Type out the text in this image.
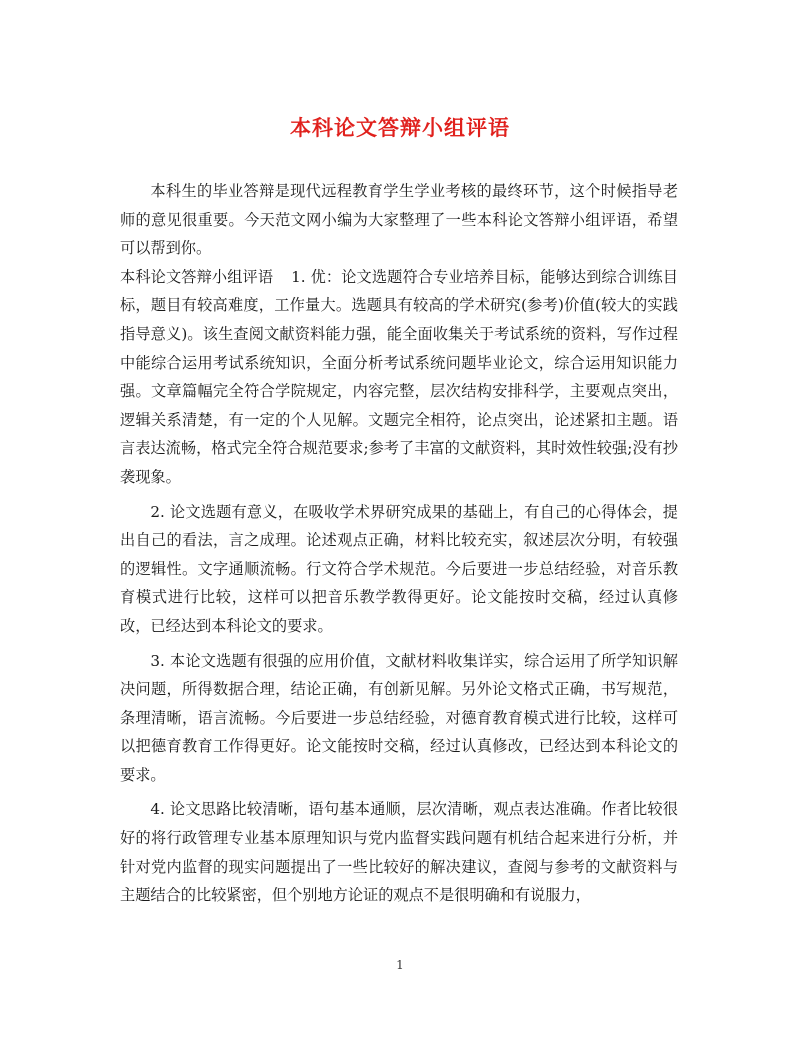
本科论文答辩小组评语

本科生的毕业答辩是现代远程教育学生学业考核的最终环节，这个时候指导老师的意见很重要。今天范文网小编为大家整理了一些本科论文答辩小组评语，希望可以帮到你。

本科论文答辩小组评语 1. 优：论文选题符合专业培养目标，能够达到综合训练目标，题目有较高难度，工作量大。选题具有较高的学术研究(参考)价值(较大的实践指导意义)。该生查阅文献资料能力强，能全面收集关于考试系统的资料，写作过程中能综合运用考试系统知识，全面分析考试系统问题毕业论文，综合运用知识能力强。文章篇幅完全符合学院规定，内容完整，层次结构安排科学，主要观点突出，逻辑关系清楚，有一定的个人见解。文题完全相符，论点突出，论述紧扣主题。语言表达流畅，格式完全符合规范要求;参考了丰富的文献资料，其时效性较强;没有抄袭现象。

2. 论文选题有意义，在吸收学术界研究成果的基础上，有自己的心得体会，提出自己的看法，言之成理。论述观点正确，材料比较充实，叙述层次分明，有较强的逻辑性。文字通顺流畅。行文符合学术规范。今后要进一步总结经验，对音乐教育模式进行比较，这样可以把音乐教学教得更好。论文能按时交稿，经过认真修改，已经达到本科论文的要求。

3. 本论文选题有很强的应用价值，文献材料收集详实，综合运用了所学知识解决问题，所得数据合理，结论正确，有创新见解。另外论文格式正确，书写规范，条理清晰，语言流畅。今后要进一步总结经验，对德育教育模式进行比较，这样可以把德育教育工作得更好。论文能按时交稿，经过认真修改，已经达到本科论文的要求。

4. 论文思路比较清晰，语句基本通顺，层次清晰，观点表达准确。作者比较很好的将行政管理专业基本原理知识与党内监督实践问题有机结合起来进行分析，并针对党内监督的现实问题提出了一些比较好的解决建议，查阅与参考的文献资料与主题结合的比较紧密，但个别地方论证的观点不是很明确和有说服力，

1
